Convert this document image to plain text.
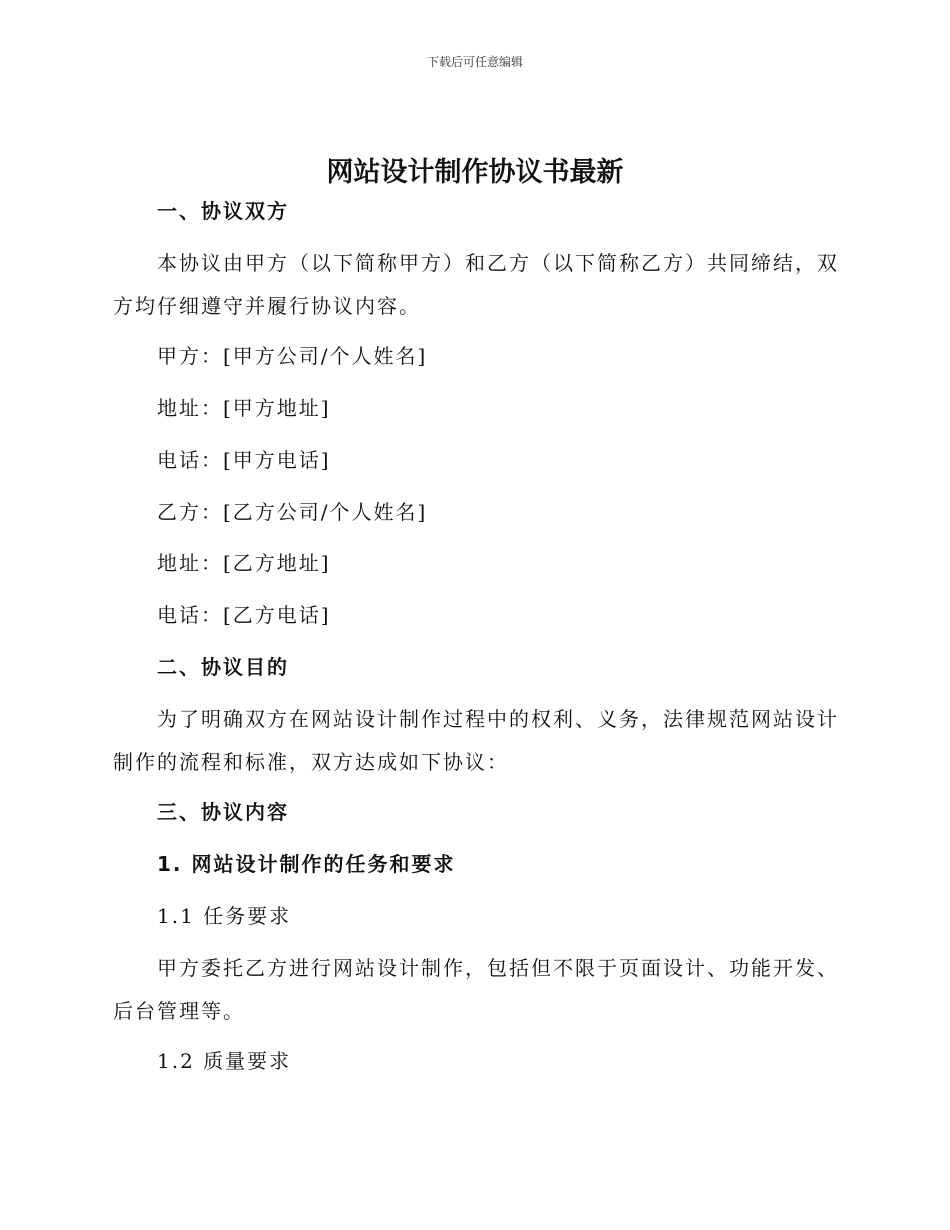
下载后可任意编辑
网站设计制作协议书最新
一、协议双方
本协议由甲方（以下简称甲方）和乙方（以下简称乙方）共同缔结，双
方均仔细遵守并履行协议内容。
甲方：[甲方公司/个人姓名]
地址：[甲方地址]
电话：[甲方电话]
乙方：[乙方公司/个人姓名]
地址：[乙方地址]
电话：[乙方电话]
二、协议目的
为了明确双方在网站设计制作过程中的权利、义务，法律规范网站设计
制作的流程和标准，双方达成如下协议：
三、协议内容
1. 网站设计制作的任务和要求
1.1 任务要求
甲方委托乙方进行网站设计制作，包括但不限于页面设计、功能开发、
后台管理等。
1.2 质量要求
